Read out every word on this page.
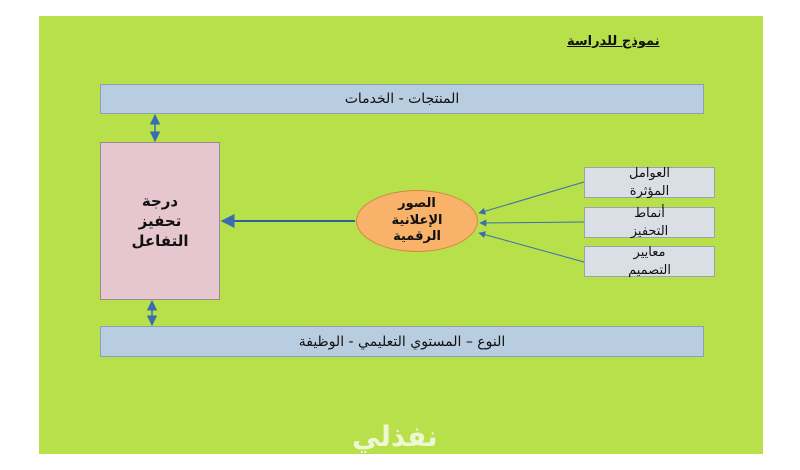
نموذج للدراسة
المنتجات - الخدمات
النوع – المستوي التعليمي - الوظيفة
درجة
تحفيز
التفاعل
الصور
الإعلانية
الرقمية
العوامل
المؤثرة
أنماط
التحفيز
معايير
التصميم
نفذلي
nafezly.com
